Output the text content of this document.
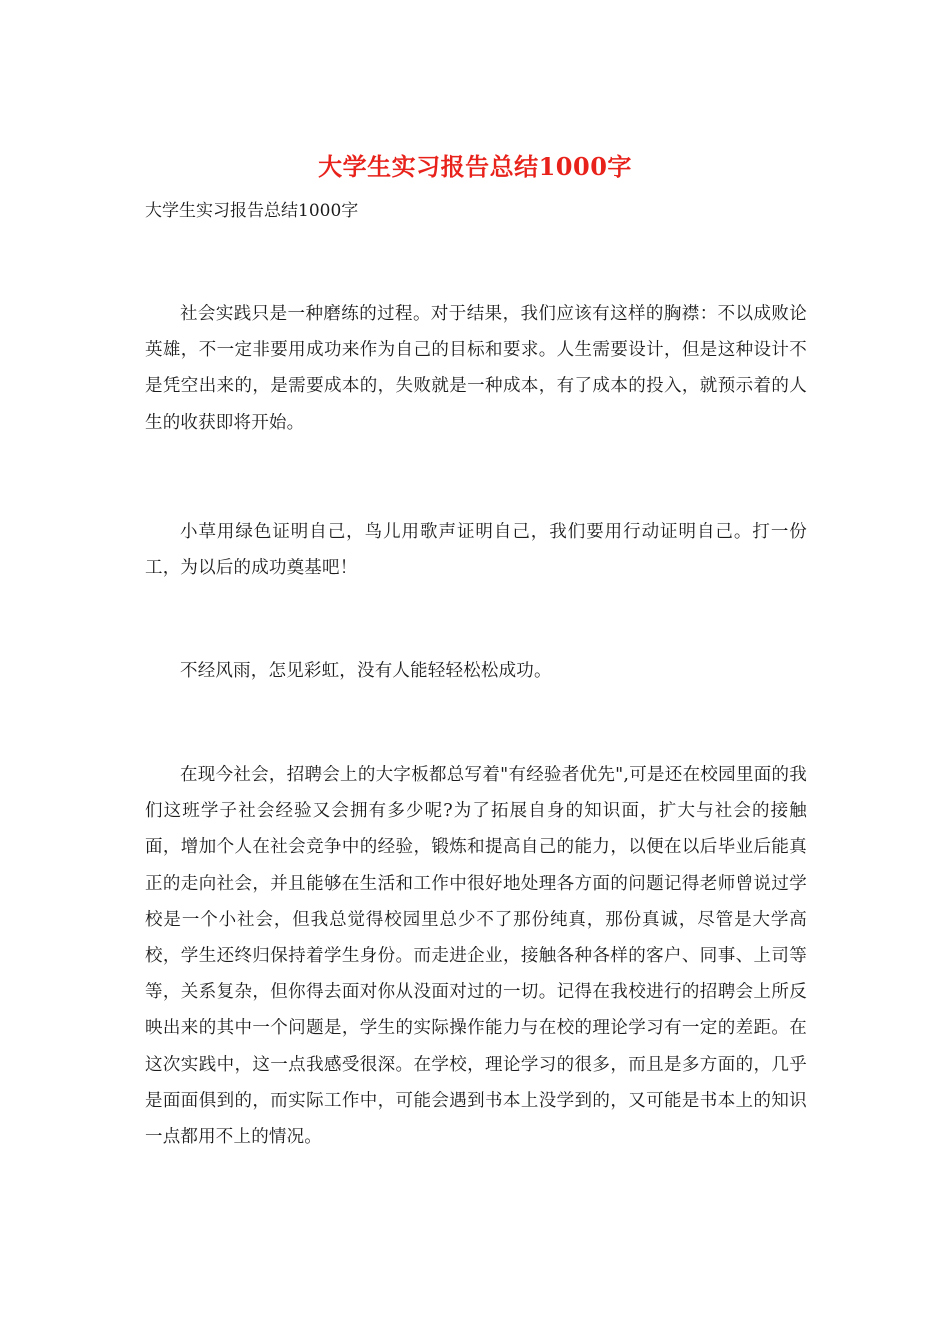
大学生实习报告总结1000字

大学生实习报告总结1000字

社会实践只是一种磨练的过程。对于结果，我们应该有这样的胸襟：不以成败论英雄，不一定非要用成功来作为自己的目标和要求。人生需要设计，但是这种设计不是凭空出来的，是需要成本的，失败就是一种成本，有了成本的投入，就预示着的人生的收获即将开始。

小草用绿色证明自己，鸟儿用歌声证明自己，我们要用行动证明自己。打一份工，为以后的成功奠基吧！

不经风雨，怎见彩虹，没有人能轻轻松松成功。

在现今社会，招聘会上的大字板都总写着"有经验者优先",可是还在校园里面的我们这班学子社会经验又会拥有多少呢?为了拓展自身的知识面，扩大与社会的接触面，增加个人在社会竞争中的经验，锻炼和提高自己的能力，以便在以后毕业后能真正的走向社会，并且能够在生活和工作中很好地处理各方面的问题记得老师曾说过学校是一个小社会，但我总觉得校园里总少不了那份纯真，那份真诚，尽管是大学高校，学生还终归保持着学生身份。而走进企业，接触各种各样的客户、同事、上司等等，关系复杂，但你得去面对你从没面对过的一切。记得在我校进行的招聘会上所反映出来的其中一个问题是，学生的实际操作能力与在校的理论学习有一定的差距。在这次实践中，这一点我感受很深。在学校，理论学习的很多，而且是多方面的，几乎是面面俱到的，而实际工作中，可能会遇到书本上没学到的，又可能是书本上的知识一点都用不上的情况。
